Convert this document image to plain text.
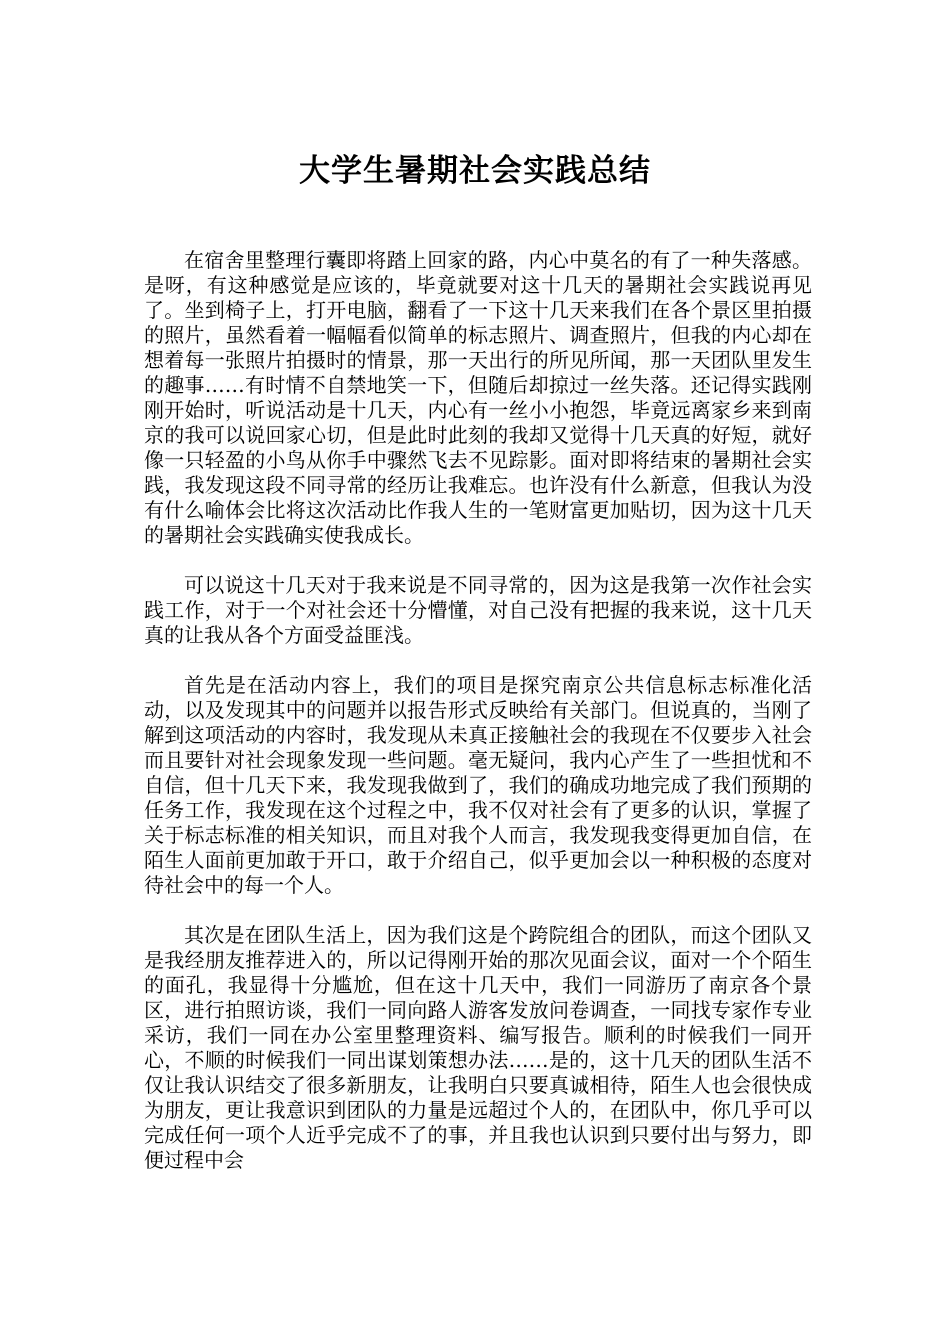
大学生暑期社会实践总结

在宿舍里整理行囊即将踏上回家的路，内心中莫名的有了一种失落感。是呀，有这种感觉是应该的，毕竟就要对这十几天的暑期社会实践说再见了。坐到椅子上，打开电脑，翻看了一下这十几天来我们在各个景区里拍摄的照片，虽然看着一幅幅看似简单的标志照片、调查照片，但我的内心却在想着每一张照片拍摄时的情景，那一天出行的所见所闻，那一天团队里发生的趣事……有时情不自禁地笑一下，但随后却掠过一丝失落。还记得实践刚刚开始时，听说活动是十几天，内心有一丝小小抱怨，毕竟远离家乡来到南京的我可以说回家心切，但是此时此刻的我却又觉得十几天真的好短，就好像一只轻盈的小鸟从你手中骤然飞去不见踪影。面对即将结束的暑期社会实践，我发现这段不同寻常的经历让我难忘。也许没有什么新意，但我认为没有什么喻体会比将这次活动比作我人生的一笔财富更加贴切，因为这十几天的暑期社会实践确实使我成长。

可以说这十几天对于我来说是不同寻常的，因为这是我第一次作社会实践工作，对于一个对社会还十分懵懂，对自己没有把握的我来说，这十几天真的让我从各个方面受益匪浅。

首先是在活动内容上，我们的项目是探究南京公共信息标志标准化活动，以及发现其中的问题并以报告形式反映给有关部门。但说真的，当刚了解到这项活动的内容时，我发现从未真正接触社会的我现在不仅要步入社会而且要针对社会现象发现一些问题。毫无疑问，我内心产生了一些担忧和不自信，但十几天下来，我发现我做到了，我们的确成功地完成了我们预期的任务工作，我发现在这个过程之中，我不仅对社会有了更多的认识，掌握了关于标志标准的相关知识，而且对我个人而言，我发现我变得更加自信，在陌生人面前更加敢于开口，敢于介绍自己，似乎更加会以一种积极的态度对待社会中的每一个人。

其次是在团队生活上，因为我们这是个跨院组合的团队，而这个团队又是我经朋友推荐进入的，所以记得刚开始的那次见面会议，面对一个个陌生的面孔，我显得十分尴尬，但在这十几天中，我们一同游历了南京各个景区，进行拍照访谈，我们一同向路人游客发放问卷调查，一同找专家作专业采访，我们一同在办公室里整理资料、编写报告。顺利的时候我们一同开心，不顺的时候我们一同出谋划策想办法……是的，这十几天的团队生活不仅让我认识结交了很多新朋友，让我明白只要真诚相待，陌生人也会很快成为朋友，更让我意识到团队的力量是远超过个人的，在团队中，你几乎可以完成任何一项个人近乎完成不了的事，并且我也认识到只要付出与努力，即便过程中会
